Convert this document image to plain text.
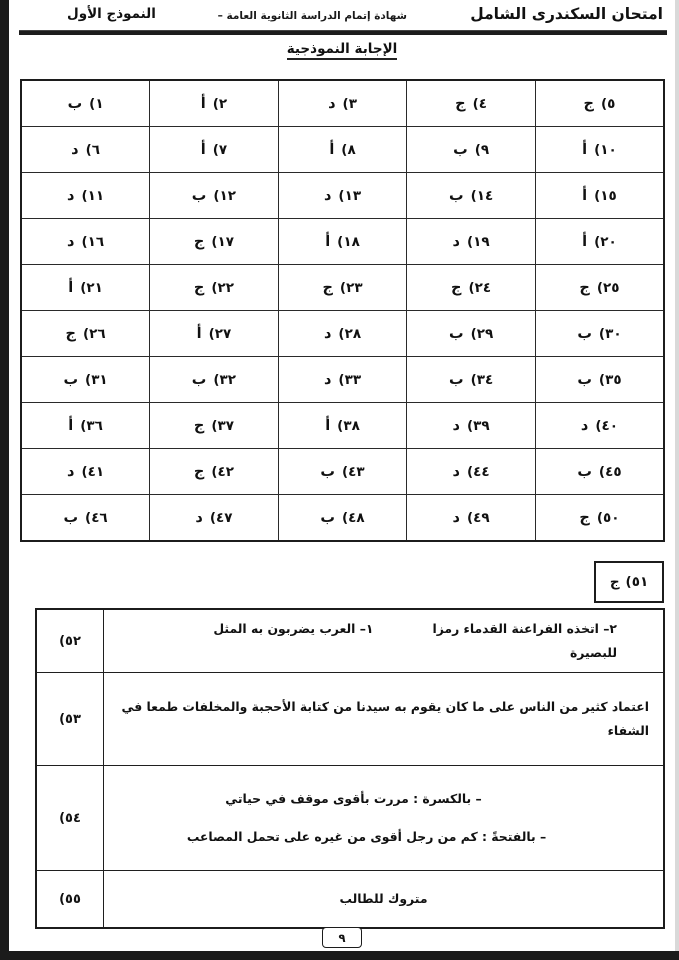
امتحان السكندرى الشامل
شهادة إتمام الدراسة الثانوية العامة –
النموذج الأول
الإجابة النموذجية
٥)ج	٤)ج	٣)د	٢)أ	١)ب
١٠)أ	٩)ب	٨)أ	٧)أ	٦)د
١٥)أ	١٤)ب	١٣)د	١٢)ب	١١)د
٢٠)أ	١٩)د	١٨)أ	١٧)ج	١٦)د
٢٥)ج	٢٤)ج	٢٣)ج	٢٢)ج	٢١)أ
٣٠)ب	٢٩)ب	٢٨)د	٢٧)أ	٢٦)ج
٣٥)ب	٣٤)ب	٣٣)د	٣٢)ب	٣١)ب
٤٠)د	٣٩)د	٣٨)أ	٣٧)ج	٣٦)أ
٤٥)ب	٤٤)د	٤٣)ب	٤٢)ج	٤١)د
٥٠)ج	٤٩)د	٤٨)ب	٤٧)د	٤٦)ب
٥١)ج
٢– اتخذه الفراعنة القدماء رمزا للبصيرة
١– العرب يضربون به المثل	٥٢)

اعتماد كثير من الناس على ما كان يقوم به سيدنا من كتابة الأحجبة والمخلفات طمعا في
الشفاء	٥٣)

– بالكسرة : مررت بأقوى موقف في حياتي
– بالفتحةً : كم من رجل أقوى من غيره على تحمل المصاعب	٥٤)

متروك للطالب	٥٥)
٩
